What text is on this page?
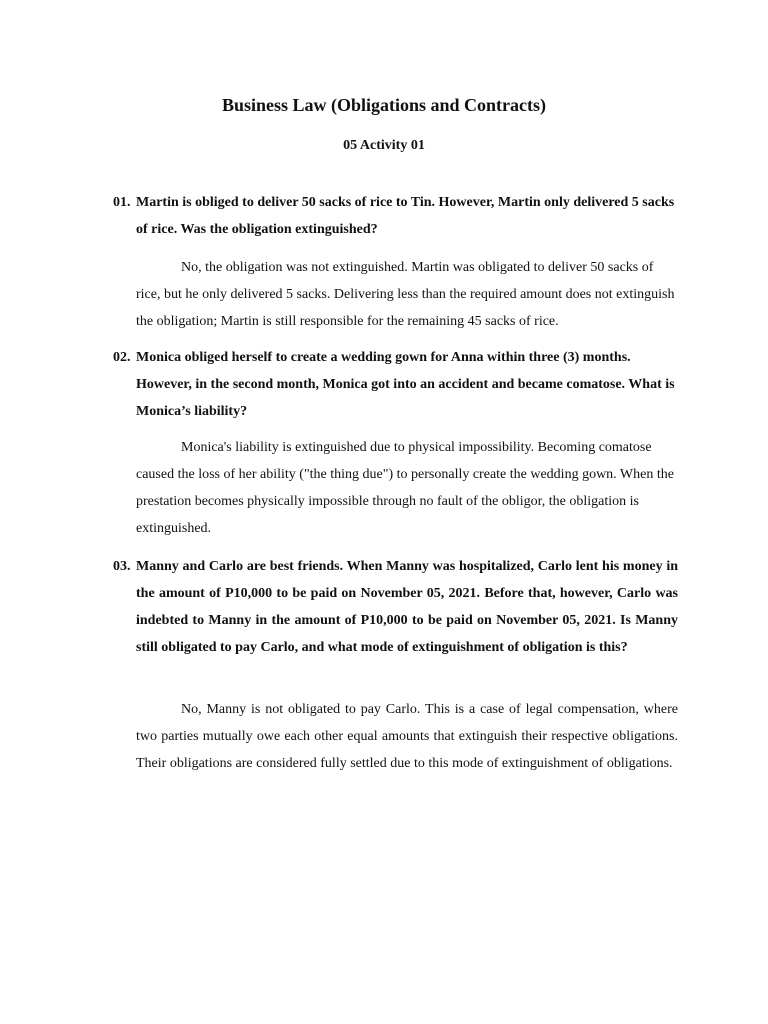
Business Law (Obligations and Contracts)
05 Activity 01
01. Martin is obliged to deliver 50 sacks of rice to Tin. However, Martin only delivered 5 sacks of rice. Was the obligation extinguished?

No, the obligation was not extinguished. Martin was obligated to deliver 50 sacks of rice, but he only delivered 5 sacks. Delivering less than the required amount does not extinguish the obligation; Martin is still responsible for the remaining 45 sacks of rice.

02. Monica obliged herself to create a wedding gown for Anna within three (3) months. However, in the second month, Monica got into an accident and became comatose. What is Monica’s liability?

Monica's liability is extinguished due to physical impossibility. Becoming comatose caused the loss of her ability ("the thing due") to personally create the wedding gown. When the prestation becomes physically impossible through no fault of the obligor, the obligation is extinguished.

03. Manny and Carlo are best friends. When Manny was hospitalized, Carlo lent his money in the amount of P10,000 to be paid on November 05, 2021. Before that, however, Carlo was indebted to Manny in the amount of P10,000 to be paid on November 05, 2021. Is Manny still obligated to pay Carlo, and what mode of extinguishment of obligation is this?

No, Manny is not obligated to pay Carlo. This is a case of legal compensation, where two parties mutually owe each other equal amounts that extinguish their respective obligations. Their obligations are considered fully settled due to this mode of extinguishment of obligations.
